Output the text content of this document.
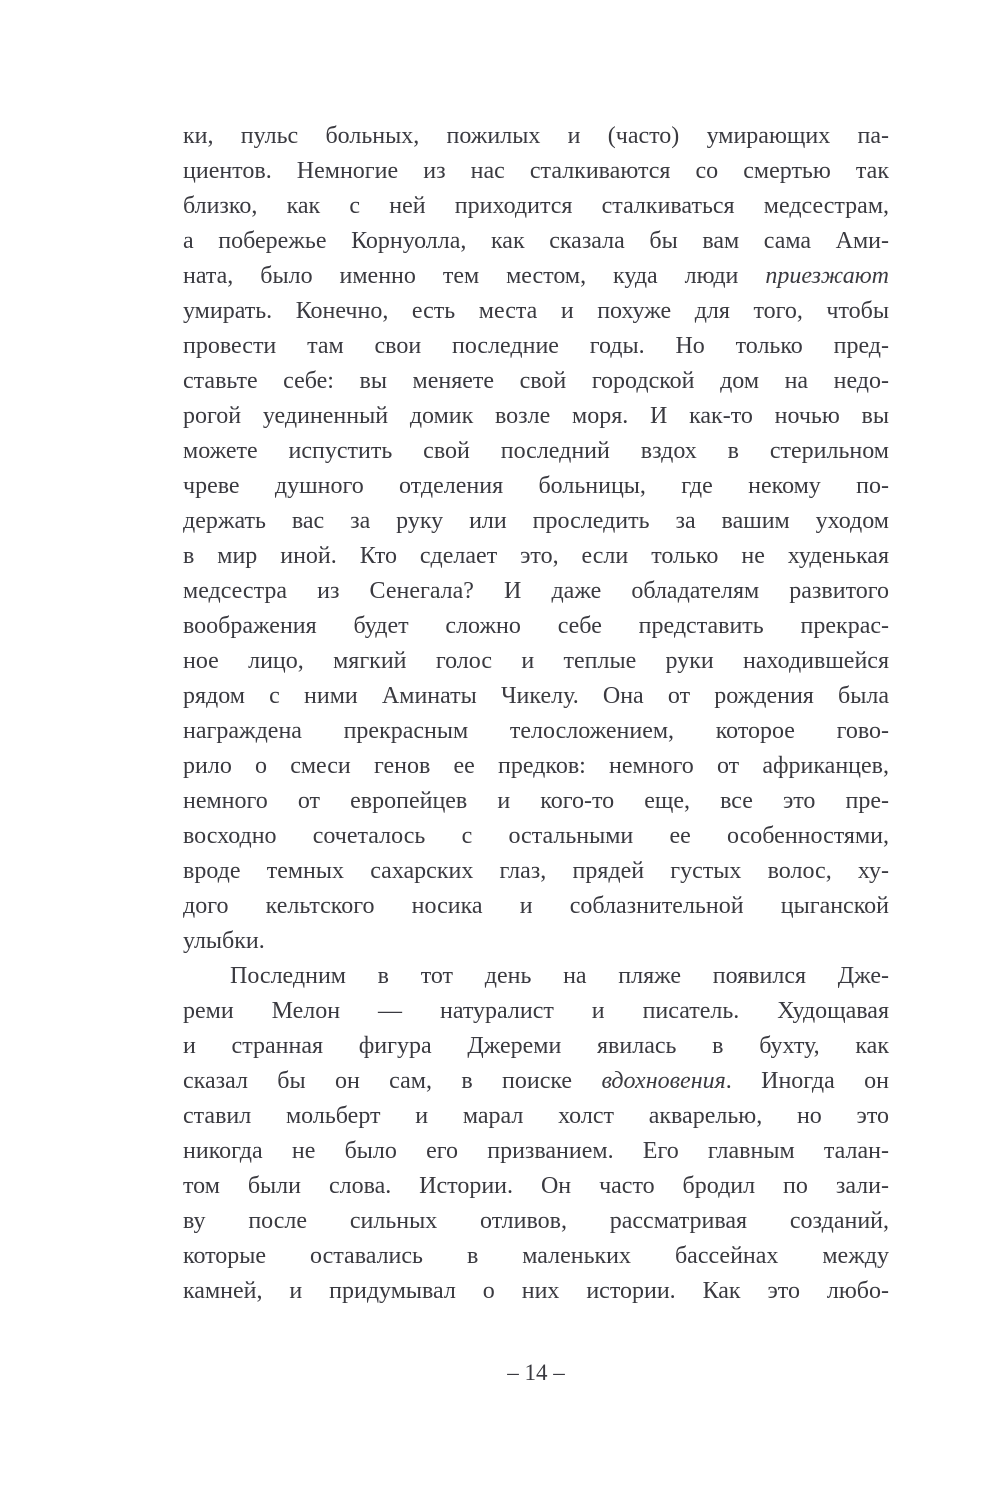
ки, пульс больных, пожилых и (часто) умирающих па-
циентов. Немногие из нас сталкиваются со смертью так
близко, как с ней приходится сталкиваться медсестрам,
а побережье Корнуолла, как сказала бы вам сама Ами-
ната, было именно тем местом, куда люди приезжают
умирать. Конечно, есть места и похуже для того, чтобы
провести там свои последние годы. Но только пред-
ставьте себе: вы меняете свой городской дом на недо-
рогой уединенный домик возле моря. И как-то ночью вы
можете испустить свой последний вздох в стерильном
чреве душного отделения больницы, где некому по-
держать вас за руку или проследить за вашим уходом
в мир иной. Кто сделает это, если только не худенькая
медсестра из Сенегала? И даже обладателям развитого
воображения будет сложно себе представить прекрас-
ное лицо, мягкий голос и теплые руки находившейся
рядом с ними Аминаты Чикелу. Она от рождения была
награждена прекрасным телосложением, которое гово-
рило о смеси генов ее предков: немного от африканцев,
немного от европейцев и кого-то еще, все это пре-
восходно сочеталось с остальными ее особенностями,
вроде темных сахарских глаз, прядей густых волос, ху-
дого кельтского носика и соблазнительной цыганской
улыбки.
Последним в тот день на пляже появился Дже-
реми Мелон — натуралист и писатель. Худощавая
и странная фигура Джереми явилась в бухту, как
сказал бы он сам, в поиске вдохновения. Иногда он
ставил мольберт и марал холст акварелью, но это
никогда не было его призванием. Его главным талан-
том были слова. Истории. Он часто бродил по зали-
ву после сильных отливов, рассматривая созданий,
которые оставались в маленьких бассейнах между
камней, и придумывал о них истории. Как это любо-
– 14 –
